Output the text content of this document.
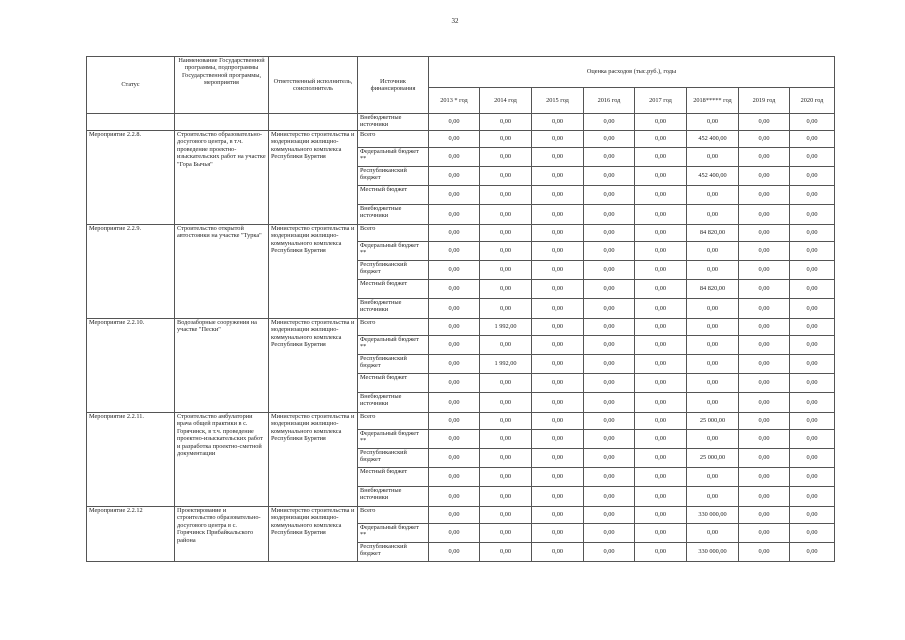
32
Статус	Наименование Государственной программы, подпрограммы Государственной программы, мероприятия	Ответственный исполнитель, соисполнитель	Источник финансирования	Оценка расходов (тыс.руб.), годы							
				2013 * год	2014 год	2015 год	2016 год	2017 год	2018***** год	2019 год	2020 год
			Внебюджетные источники	0,00	0,00	0,00	0,00	0,00	0,00	0,00	0,00
Мероприятие 2.2.8.	Строительство образовательно-досугового центра, в т.ч. проведение проектно-изыскательских работ на участке "Гора Бычья"	Министерство строительства и модернизации жилищно-коммунального комплекса Республики Бурятия	Всего	0,00	0,00	0,00	0,00	0,00	452 400,00	0,00	0,00
			Федеральный бюджет **	0,00	0,00	0,00	0,00	0,00	0,00	0,00	0,00
			Республиканский бюджет	0,00	0,00	0,00	0,00	0,00	452 400,00	0,00	0,00
			Местный бюджет	0,00	0,00	0,00	0,00	0,00	0,00	0,00	0,00
			Внебюджетные источники	0,00	0,00	0,00	0,00	0,00	0,00	0,00	0,00
Мероприятие 2.2.9.	Строительство открытой автостоянки на участке "Турка"	Министерство строительства и модернизации жилищно-коммунального комплекса Республики Бурятия	Всего	0,00	0,00	0,00	0,00	0,00	84 820,00	0,00	0,00
			Федеральный бюджет **	0,00	0,00	0,00	0,00	0,00	0,00	0,00	0,00
			Республиканский бюджет	0,00	0,00	0,00	0,00	0,00	0,00	0,00	0,00
			Местный бюджет	0,00	0,00	0,00	0,00	0,00	84 820,00	0,00	0,00
			Внебюджетные источники	0,00	0,00	0,00	0,00	0,00	0,00	0,00	0,00
Мероприятие 2.2.10.	Водозаборные сооружения на участке "Пески"	Министерство строительства и модернизации жилищно-коммунального комплекса Республики Бурятия	Всего	0,00	1 992,00	0,00	0,00	0,00	0,00	0,00	0,00
			Федеральный бюджет **	0,00	0,00	0,00	0,00	0,00	0,00	0,00	0,00
			Республиканский бюджет	0,00	1 992,00	0,00	0,00	0,00	0,00	0,00	0,00
			Местный бюджет	0,00	0,00	0,00	0,00	0,00	0,00	0,00	0,00
			Внебюджетные источники	0,00	0,00	0,00	0,00	0,00	0,00	0,00	0,00
Мероприятие 2.2.11.	Строительство амбулатории врача общей практики в с. Горячинск, в т.ч. проведение проектно-изыскательских работ и разработка проектно-сметной документации	Министерство строительства и модернизации жилищно-коммунального комплекса Республики Бурятия	Всего	0,00	0,00	0,00	0,00	0,00	25 000,00	0,00	0,00
			Федеральный бюджет **	0,00	0,00	0,00	0,00	0,00	0,00	0,00	0,00
			Республиканский бюджет	0,00	0,00	0,00	0,00	0,00	25 000,00	0,00	0,00
			Местный бюджет	0,00	0,00	0,00	0,00	0,00	0,00	0,00	0,00
			Внебюджетные источники	0,00	0,00	0,00	0,00	0,00	0,00	0,00	0,00
Мероприятие 2.2.12	Проектирование и строительство образовательно-досугового центра в с. Горячинск Прибайкальского района	Министерство строительства и модернизации жилищно-коммунального комплекса Республики Бурятия	Всего	0,00	0,00	0,00	0,00	0,00	330 000,00	0,00	0,00
			Федеральный бюджет **	0,00	0,00	0,00	0,00	0,00	0,00	0,00	0,00
			Республиканский бюджет	0,00	0,00	0,00	0,00	0,00	330 000,00	0,00	0,00
